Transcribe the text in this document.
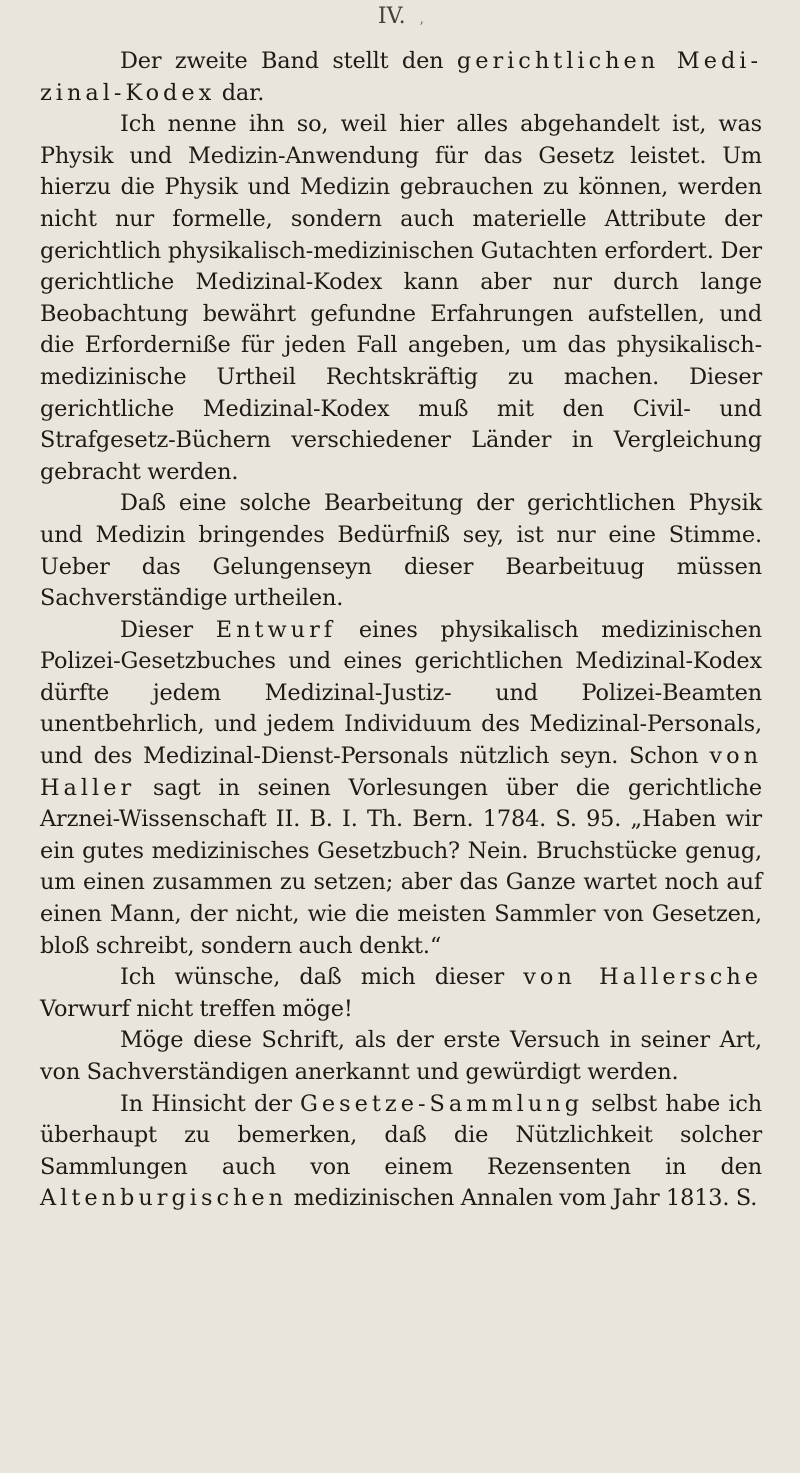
IV. ,

Der zweite Band stellt den gerichtlichen Medi- zinal-Kodex dar.

Ich nenne ihn so, weil hier alles abgehandelt ist, was Physik und Medizin-Anwendung für das Gesetz leistet. Um hierzu die Physik und Medizin gebrauchen zu können, werden nicht nur formelle, sondern auch materielle Attribute der gerichtlich physikalisch-medizinischen Gutachten erfordert. Der gerichtliche Medizinal-Kodex kann aber nur durch lange Beobachtung bewährt gefundne Erfahrungen aufstellen, und die Erforderniße für jeden Fall angeben, um das physikalisch-medizinische Urtheil Rechtskräftig zu machen. Dieser gerichtliche Medizinal-Kodex muß mit den Civil- und Strafgesetz-Büchern verschiedener Länder in Vergleichung gebracht werden.

Daß eine solche Bearbeitung der gerichtlichen Physik und Medizin bringendes Bedürfniß sey, ist nur eine Stimme. Ueber das Gelungenseyn dieser Bearbeituug müssen Sachverständige urtheilen.

Dieser Entwurf eines physikalisch medizinischen Polizei-Gesetzbuches und eines gerichtlichen Medizinal-Kodex dürfte jedem Medizinal-Justiz- und Polizei-Beamten unentbehrlich, und jedem Individuum des Medizinal-Personals, und des Medizinal-Dienst-Personals nützlich seyn. Schon von Haller sagt in seinen Vorlesungen über die gerichtliche Arznei-Wissenschaft II. B. I. Th. Bern. 1784. S. 95. „Haben wir ein gutes medizinisches Gesetzbuch? Nein. Bruchstücke genug, um einen zusammen zu setzen; aber das Ganze wartet noch auf einen Mann, der nicht, wie die meisten Sammler von Gesetzen, bloß schreibt, sondern auch denkt.“

Ich wünsche, daß mich dieser von Hallersche Vorwurf nicht treffen möge!

Möge diese Schrift, als der erste Versuch in seiner Art, von Sachverständigen anerkannt und gewürdigt werden.

In Hinsicht der Gesetze-Sammlung selbst habe ich überhaupt zu bemerken, daß die Nützlichkeit solcher Sammlungen auch von einem Rezensenten in den Altenburgischen medizinischen Annalen vom Jahr 1813. S.
